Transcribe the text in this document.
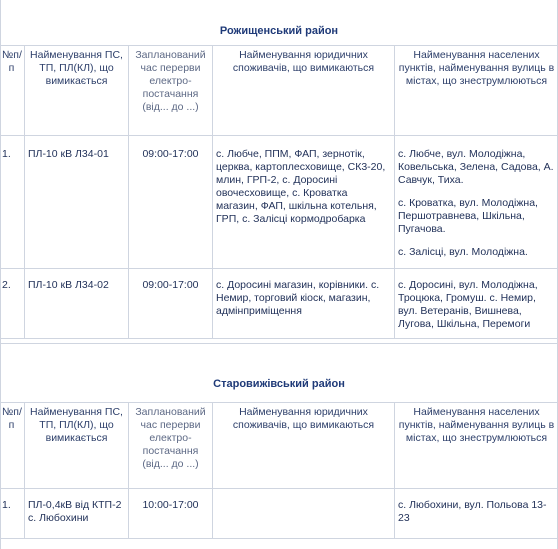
Рожищенський район
№п/п	Найменування ПС, ТП, ПЛ(КЛ), що вимикається	Запланований час перерви електро-постачання (від... до ...)	Найменування юридичних споживачів, що вимикаються	Найменування населених пунктів, найменування вулиць в містах, що знеструмлюються
1.	ПЛ-10 кВ Л34-01	09:00-17:00	с. Любче, ППМ, ФАП, зернотік, церква, картоплесховище, СК3-20, млин, ГРП-2, с. Доросині овочесховище, с. Кроватка магазин, ФАП, шкільна котельня, ГРП, с. Залісці кормодробарка	с. Любче, вул. Молодіжна, Ковельська, Зелена, Садова, А. Савчук, Тиха.

с. Кроватка, вул. Молодіжна, Першотравнева, Шкільна, Пугачова.

с. Залісці, вул. Молодіжна.

2.	ПЛ-10 кВ Л34-02	09:00-17:00	с. Доросині магазин, корівники. с. Немир, торговий кіоск, магазин, адмінприміщення	с. Доросині, вул. Молодіжна, Троцюка, Громуш. с. Немир, вул. Ветеранів, Вишнева, Лугова, Шкільна, Перемоги

Старовижівський район
№п/п	Найменування ПС, ТП, ПЛ(КЛ), що вимикається	Запланований час перерви електро-постачання (від... до ...)	Найменування юридичних споживачів, що вимикаються	Найменування населених пунктів, найменування вулиць в містах, що знеструмлюються
1.	ПЛ-0,4кВ від КТП-2 с. Любохини	10:00-17:00		с. Любохини, вул. Польова 13-23
